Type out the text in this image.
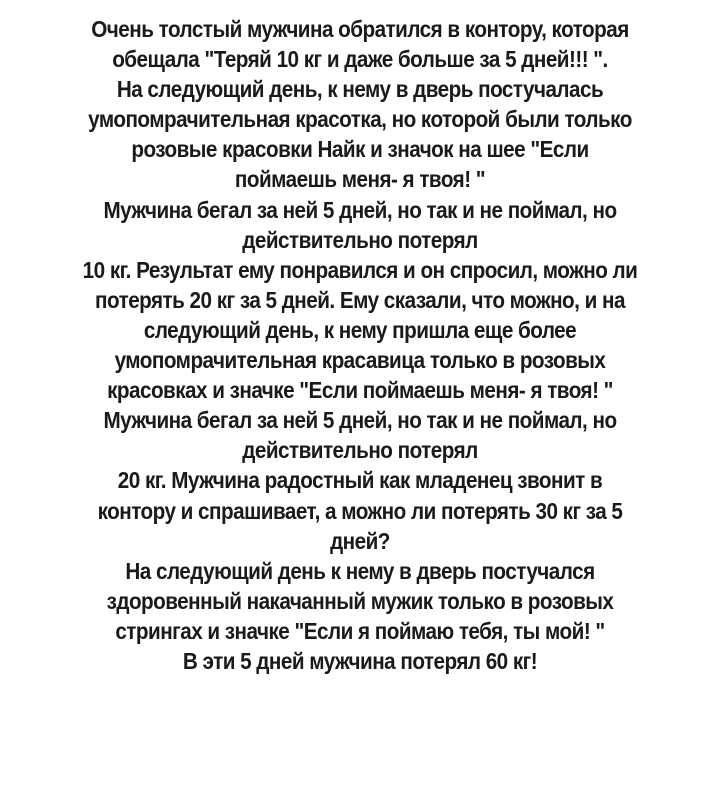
Очень толстый мужчина обратился в контору, которая
обещала "Теряй 10 кг и даже больше за 5 дней!!! ".
На следующий день, к нему в дверь постучалась
умопомрачительная красотка, но которой были только
розовые красовки Найк и значок на шее "Если
поймаешь меня- я твоя! "
Мужчина бегал за ней 5 дней, но так и не поймал, но
действительно потерял
10 кг. Результат ему понравился и он спросил, можно ли
потерять 20 кг за 5 дней. Ему сказали, что можно, и на
следующий день, к нему пришла еще более
умопомрачительная красавица только в розовых
красовках и значке "Если поймаешь меня- я твоя! "
Мужчина бегал за ней 5 дней, но так и не поймал, но
действительно потерял
20 кг. Мужчина радостный как младенец звонит в
контору и спрашивает, а можно ли потерять 30 кг за 5
дней?
На следующий день к нему в дверь постучался
здоровенный накачанный мужик только в розовых
стрингах и значке "Если я поймаю тебя, ты мой! "
В эти 5 дней мужчина потерял 60 кг!
